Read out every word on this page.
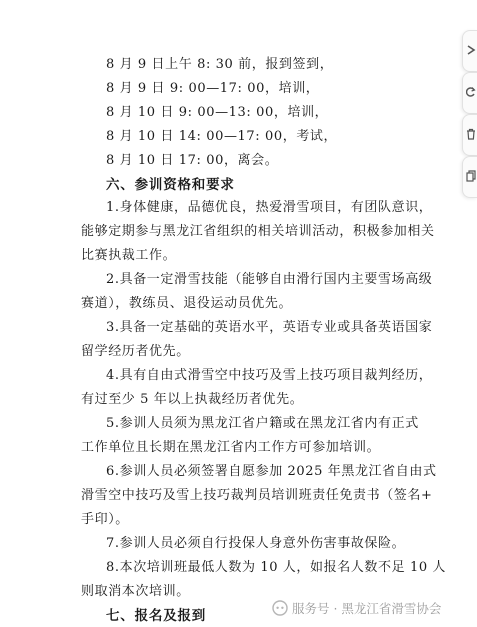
8 月 9 日上午 8: 30 前，报到签到，
8 月 9 日 9: 00—17: 00，培训，
8 月 10 日 9: 00—13: 00，培训，
8 月 10 日 14: 00—17: 00，考试，
8 月 10 日 17: 00，离会。
六、参训资格和要求
1.身体健康，品德优良，热爱滑雪项目，有团队意识，
能够定期参与黑龙江省组织的相关培训活动，积极参加相关
比赛执裁工作。
2.具备一定滑雪技能（能够自由滑行国内主要雪场高级
赛道），教练员、退役运动员优先。
3.具备一定基础的英语水平，英语专业或具备英语国家
留学经历者优先。
4.具有自由式滑雪空中技巧及雪上技巧项目裁判经历，
有过至少 5 年以上执裁经历者优先。
5.参训人员须为黑龙江省户籍或在黑龙江省内有正式
工作单位且长期在黑龙江省内工作方可参加培训。
6.参训人员必须签署自愿参加 2025 年黑龙江省自由式
滑雪空中技巧及雪上技巧裁判员培训班责任免责书（签名+
手印）。
7.参训人员必须自行投保人身意外伤害事故保险。
8.本次培训班最低人数为 10 人，如报名人数不足 10 人
则取消本次培训。
七、报名及报到	服务号 · 黑龙江省滑雪协会
